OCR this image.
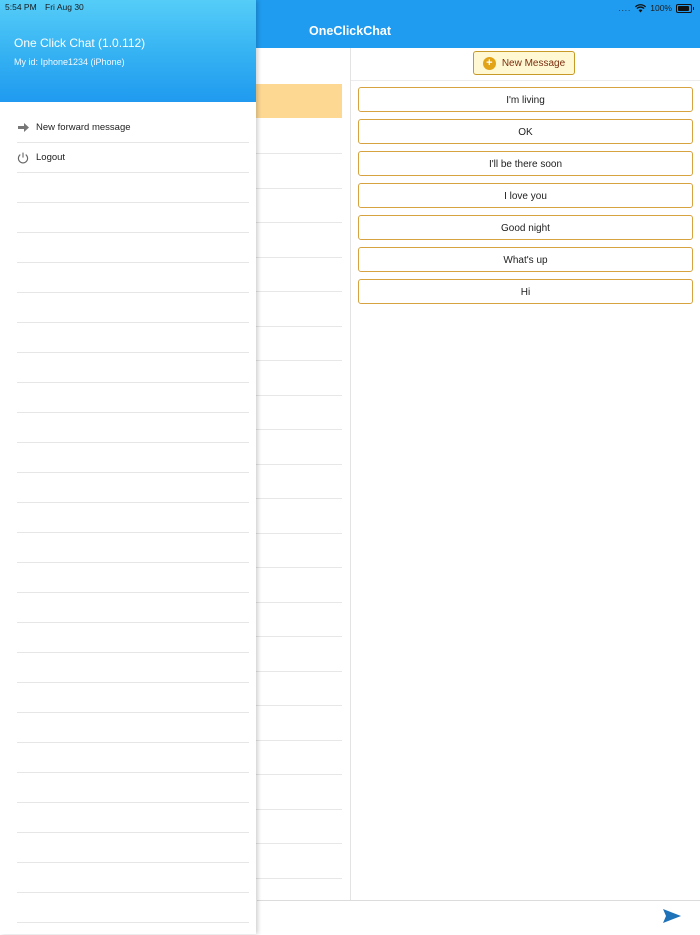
OneClickChat
.... 100%
+ New Message
I'm living
OK
I'll be there soon
I love you
Good night
What's up
Hi
5:54 PM Fri Aug 30
One Click Chat (1.0.112)
My id: Iphone1234 (iPhone)
New forward message
Logout
